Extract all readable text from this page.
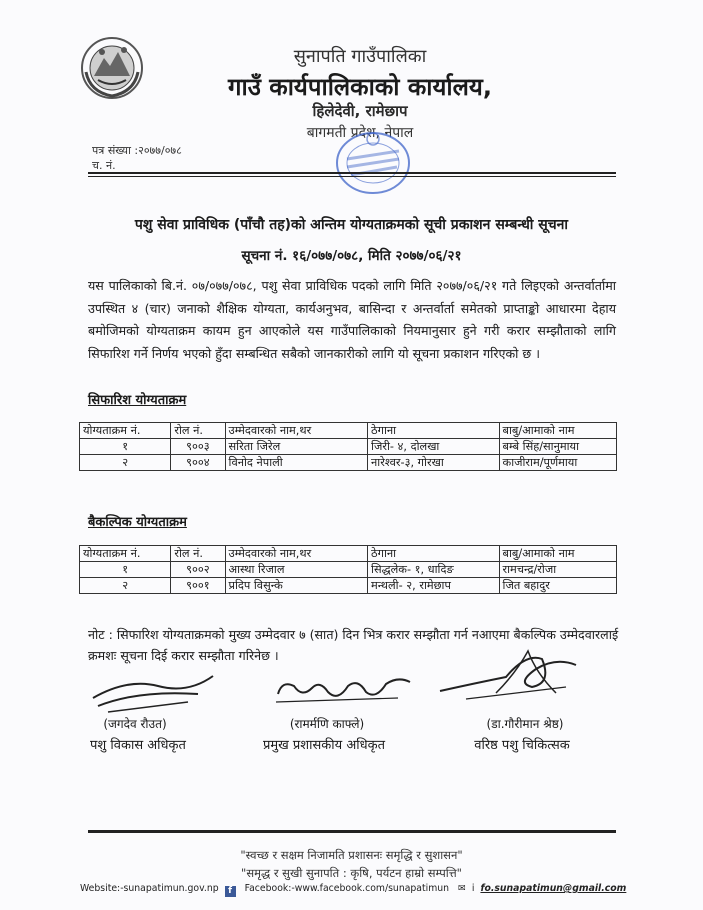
सुनापति गाउँपालिका
गाउँ कार्यपालिकाको कार्यालय,
हिलेदेवी, रामेछाप
बागमती प्रदेश, नेपाल
पत्र संख्या :२०७७/०७८
च. नं.
पशु सेवा प्राविधिक (पाँचौ तह)को अन्तिम योग्यताक्रमको सूची प्रकाशन सम्बन्धी सूचना
सूचना नं. १६/०७७/०७८, मिति २०७७/०६/२१
यस पालिकाको बि.नं. ०७/०७७/०७८, पशु सेवा प्राविधिक पदको लागि मिति २०७७/०६/२१ गते लिइएको अन्तर्वार्तामा उपस्थित ४ (चार) जनाको शैक्षिक योग्यता, कार्यअनुभव, बासिन्दा र अन्तर्वार्ता समेतको प्राप्ताङ्को आधारमा देहाय बमोजिमको योग्यताक्रम कायम हुन आएकोले यस गाउँपालिकाको नियमानुसार हुने गरी करार सम्झौताको लागि सिफारिश गर्ने निर्णय भएको हुँदा सम्बन्धित सबैको जानकारीको लागि यो सूचना प्रकाशन गरिएको छ ।
सिफारिश योग्यताक्रम
योग्यताक्रम नं.	रोल नं.	उम्मेदवारको नाम,थर	ठेगाना	बाबु/आमाको नाम
१	९००३	सरिता जिरेल	जिरी- ४, दोलखा	बम्बे सिंह/सानुमाया
२	९००४	विनोद नेपाली	नारेश्वर-३, गोरखा	काजीराम/पूर्णमाया
बैकल्पिक योग्यताक्रम
योग्यताक्रम नं.	रोल नं.	उम्मेदवारको नाम,थर	ठेगाना	बाबु/आमाको नाम
१	९००२	आस्था रिजाल	सिद्धलेक- १, धादिङ	रामचन्द्र/रोजा
२	९००१	प्रदिप विसुन्के	मन्थली- २, रामेछाप	जित बहादुर
नोट : सिफारिश योग्यताक्रमको मुख्य उम्मेदवार ७ (सात) दिन भित्र करार सम्झौता गर्न नआएमा बैकल्पिक उम्मेदवारलाई क्रमशः सूचना दिई करार सम्झौता गरिनेछ ।
(जगदेव रौउत)
पशु विकास अधिकृत
(रामर्मणि काफ्ले)
प्रमुख प्रशासकीय अधिकृत
(डा.गौरीमान श्रेष्ठ)
वरिष्ठ पशु चिकित्सक
"स्वच्छ र सक्षम निजामति प्रशासनः समृद्धि र सुशासन"
"समृद्ध र सुखी सुनापति : कृषि, पर्यटन हाम्रो सम्पत्ति"
Website:-sunapatimun.gov.np f Facebook:-www.facebook.com/sunapatimun ✉ i fo.sunapatimun@gmail.com
